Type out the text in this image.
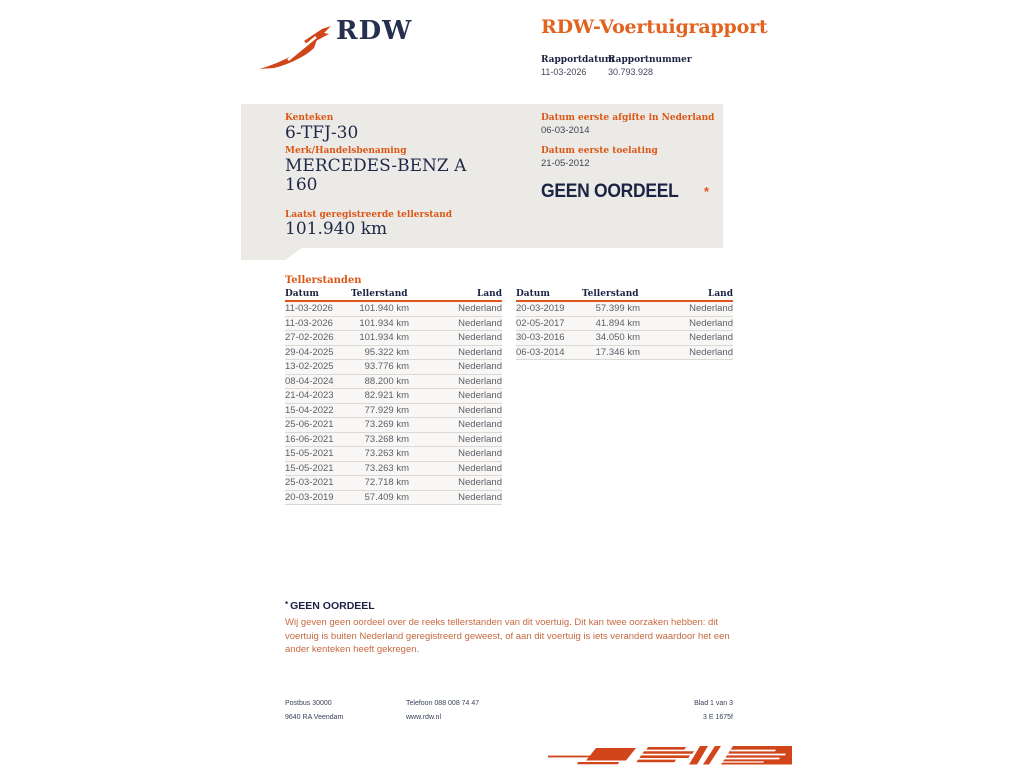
RDW	RDW-Voertuigrapport
Rapportdatum
11-03-2026
Rapportnummer
30.793.928
Kenteken
6-TFJ-30
Merk/Handelsbenaming
MERCEDES-BENZ A 160
Laatst geregistreerde tellerstand
101.940 km
Datum eerste afgifte in Nederland
06-03-2014
Datum eerste toelating
21-05-2012
GEEN OORDEEL *
Tellerstanden
Datum	Tellerstand	Land
11-03-2026	101.940 km	Nederland
11-03-2026	101.934 km	Nederland
27-02-2026	101.934 km	Nederland
29-04-2025	95.322 km	Nederland
13-02-2025	93.776 km	Nederland
08-04-2024	88.200 km	Nederland
21-04-2023	82.921 km	Nederland
15-04-2022	77.929 km	Nederland
25-06-2021	73.269 km	Nederland
16-06-2021	73.268 km	Nederland
15-05-2021	73.263 km	Nederland
15-05-2021	73.263 km	Nederland
25-03-2021	72.718 km	Nederland
20-03-2019	57.409 km	Nederland
Datum	Tellerstand	Land
20-03-2019	57.399 km	Nederland
02-05-2017	41.894 km	Nederland
30-03-2016	34.050 km	Nederland
06-03-2014	17.346 km	Nederland
* GEEN OORDEEL
Wij geven geen oordeel over de reeks tellerstanden van dit voertuig. Dit kan twee oorzaken hebben: dit voertuig is buiten Nederland geregistreerd geweest, of aan dit voertuig is iets veranderd waardoor het een ander kenteken heeft gekregen.
Postbus 30000
9640 RA Veendam
Telefoon 088 008 74 47
www.rdw.nl
Blad 1 van 3
3 E 1675f
